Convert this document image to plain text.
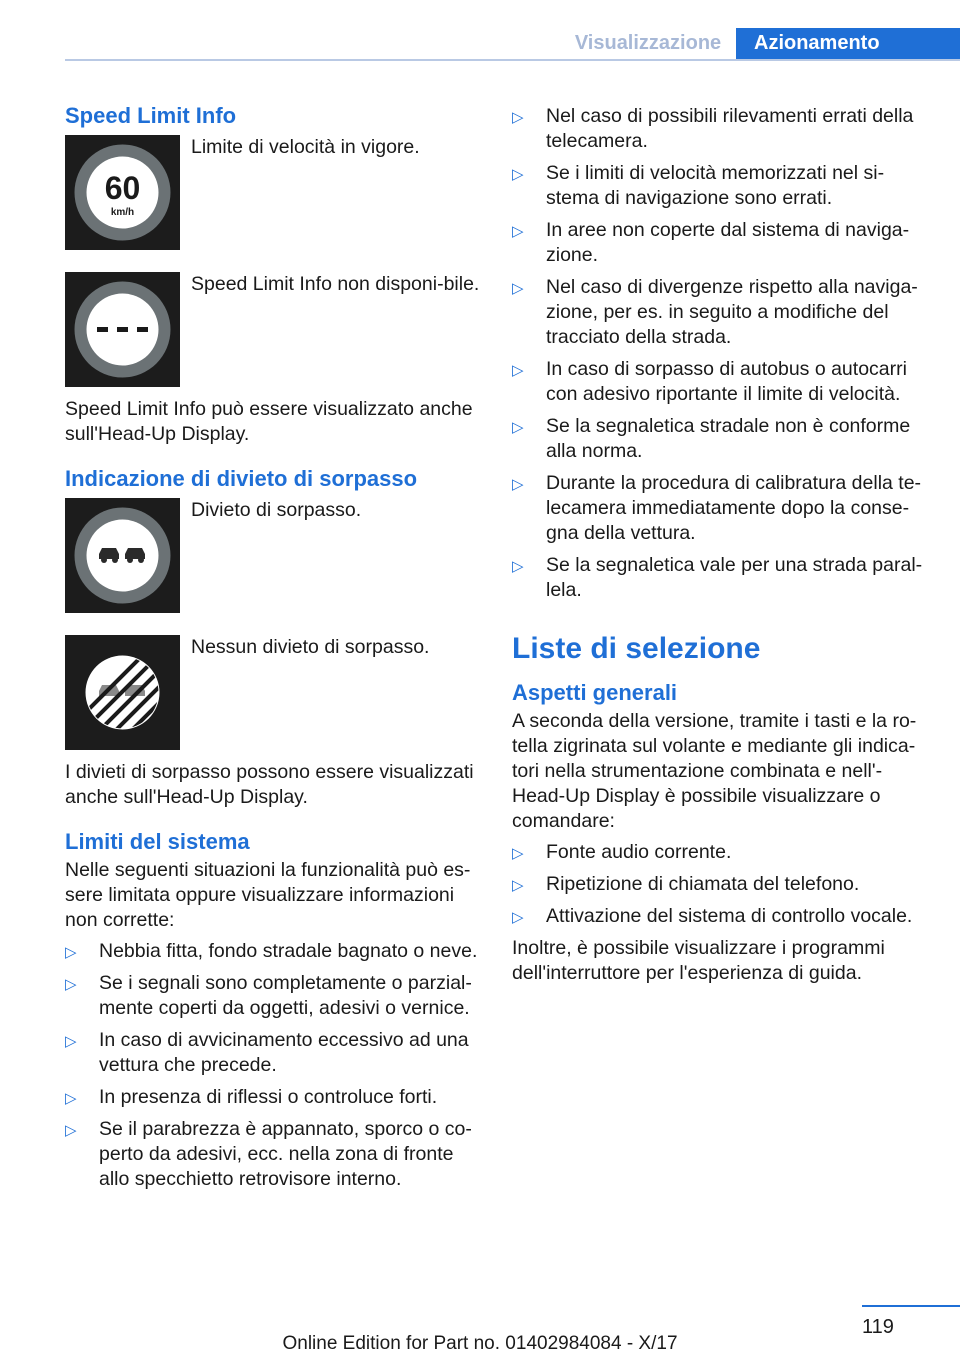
Visualizzazione	Azionamento
Speed Limit Info
60
km/h
Limite di velocità in vigore.
Speed Limit Info non disponi-bile.

Speed Limit Info può essere visualizzato anche sull'Head-Up Display.

Indicazione di divieto di sorpasso
Divieto di sorpasso.
Nessun divieto di sorpasso.

I divieti di sorpasso possono essere visualizzati anche sull'Head-Up Display.

Limiti del sistema

Nelle seguenti situazioni la funzionalità può es-sere limitata oppure visualizzare informazioni non corrette:

▷ Nebbia fitta, fondo stradale bagnato o neve.
▷ Se i segnali sono completamente o parzial-mente coperti da oggetti, adesivi o vernice.
▷ In caso di avvicinamento eccessivo ad una vettura che precede.
▷ In presenza di riflessi o controluce forti.
▷ Se il parabrezza è appannato, sporco o co-perto da adesivi, ecc. nella zona di fronte allo specchietto retrovisore interno.
▷ Nel caso di possibili rilevamenti errati della telecamera.
▷ Se i limiti di velocità memorizzati nel si-stema di navigazione sono errati.
▷ In aree non coperte dal sistema di naviga-zione.
▷ Nel caso di divergenze rispetto alla naviga-zione, per es. in seguito a modifiche del tracciato della strada.
▷ In caso di sorpasso di autobus o autocarri con adesivo riportante il limite di velocità.
▷ Se la segnaletica stradale non è conforme alla norma.
▷ Durante la procedura di calibratura della te-lecamera immediatamente dopo la conse-gna della vettura.
▷ Se la segnaletica vale per una strada paral-lela.
Liste di selezione
Aspetti generali

A seconda della versione, tramite i tasti e la ro-tella zigrinata sul volante e mediante gli indica-tori nella strumentazione combinata e nell'-Head-Up Display è possibile visualizzare o comandare:

▷ Fonte audio corrente.
▷ Ripetizione di chiamata del telefono.
▷ Attivazione del sistema di controllo vocale.

Inoltre, è possibile visualizzare i programmi dell'interruttore per l'esperienza di guida.

119
Online Edition for Part no. 01402984084 - X/17
